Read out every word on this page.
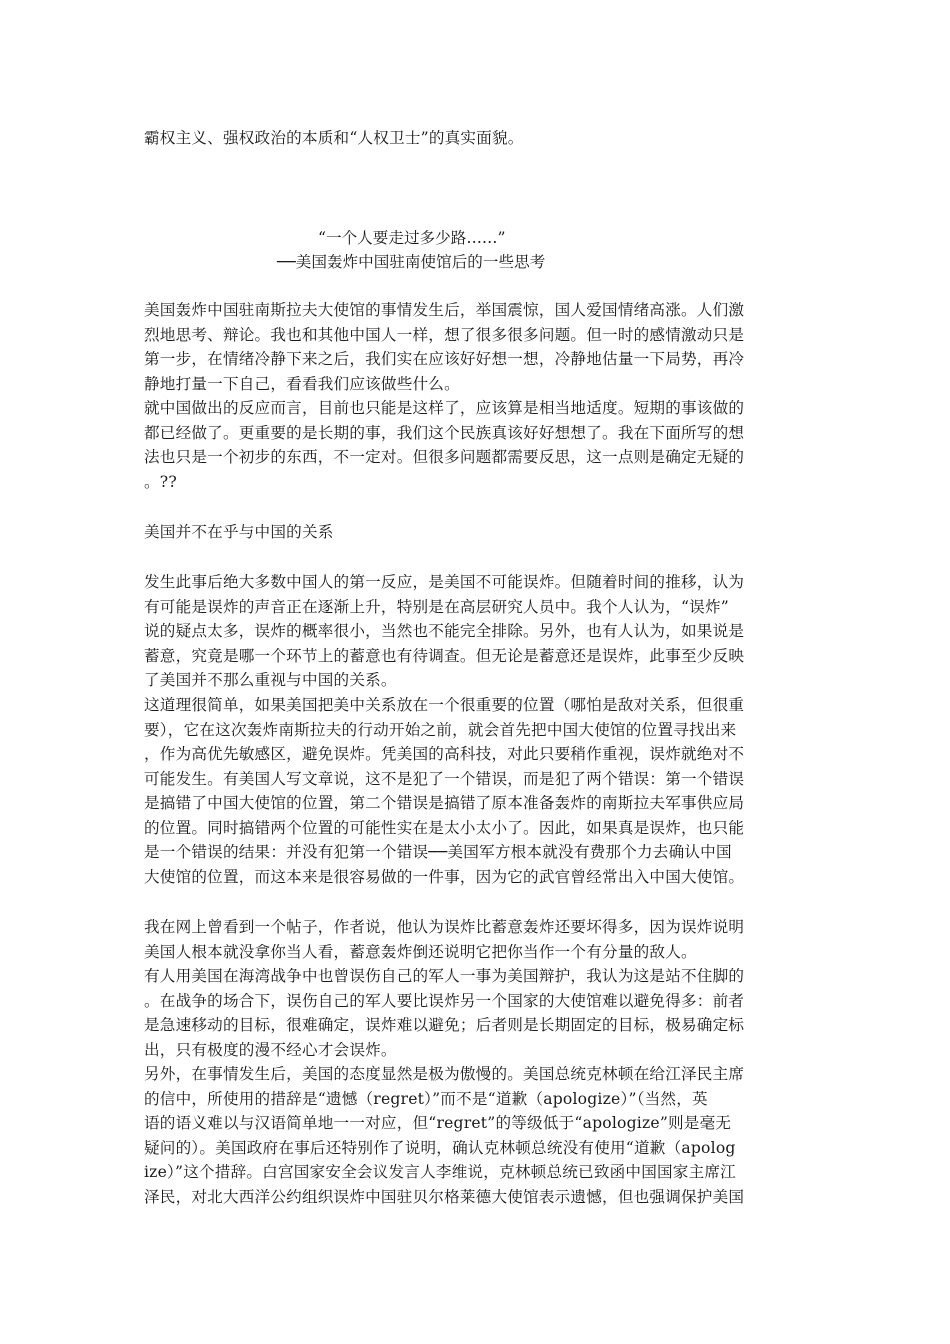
霸权主义、强权政治的本质和“人权卫士”的真实面貌。

“一个人要走过多少路……”
──美国轰炸中国驻南使馆后的一些思考

美国轰炸中国驻南斯拉夫大使馆的事情发生后，举国震惊，国人爱国情绪高涨。人们激
烈地思考、辩论。我也和其他中国人一样，想了很多很多问题。但一时的感情激动只是
第一步，在情绪冷静下来之后，我们实在应该好好想一想，冷静地估量一下局势，再冷
静地打量一下自己，看看我们应该做些什么。

就中国做出的反应而言，目前也只能是这样了，应该算是相当地适度。短期的事该做的
都已经做了。更重要的是长期的事，我们这个民族真该好好想想了。我在下面所写的想
法也只是一个初步的东西，不一定对。但很多问题都需要反思，这一点则是确定无疑的
。??

美国并不在乎与中国的关系

发生此事后绝大多数中国人的第一反应，是美国不可能误炸。但随着时间的推移，认为
有可能是误炸的声音正在逐渐上升，特别是在高层研究人员中。我个人认为，“误炸”
说的疑点太多，误炸的概率很小，当然也不能完全排除。另外，也有人认为，如果说是
蓄意，究竟是哪一个环节上的蓄意也有待调查。但无论是蓄意还是误炸，此事至少反映
了美国并不那么重视与中国的关系。

这道理很简单，如果美国把美中关系放在一个很重要的位置（哪怕是敌对关系，但很重
要），它在这次轰炸南斯拉夫的行动开始之前，就会首先把中国大使馆的位置寻找出来
，作为高优先敏感区，避免误炸。凭美国的高科技，对此只要稍作重视，误炸就绝对不
可能发生。有美国人写文章说，这不是犯了一个错误，而是犯了两个错误：第一个错误
是搞错了中国大使馆的位置，第二个错误是搞错了原本准备轰炸的南斯拉夫军事供应局
的位置。同时搞错两个位置的可能性实在是太小太小了。因此，如果真是误炸，也只能
是一个错误的结果：并没有犯第一个错误──美国军方根本就没有费那个力去确认中国
大使馆的位置，而这本来是很容易做的一件事，因为它的武官曾经常出入中国大使馆。

我在网上曾看到一个帖子，作者说，他认为误炸比蓄意轰炸还要坏得多，因为误炸说明
美国人根本就没拿你当人看，蓄意轰炸倒还说明它把你当作一个有分量的敌人。

有人用美国在海湾战争中也曾误伤自己的军人一事为美国辩护，我认为这是站不住脚的
。在战争的场合下，误伤自己的军人要比误炸另一个国家的大使馆难以避免得多：前者
是急速移动的目标，很难确定，误炸难以避免；后者则是长期固定的目标，极易确定标
出，只有极度的漫不经心才会误炸。

另外，在事情发生后，美国的态度显然是极为傲慢的。美国总统克林顿在给江泽民主席
的信中，所使用的措辞是“遗憾（regret）”而不是“道歉（apologize）”（当然，英
语的语义难以与汉语简单地一一对应，但“regret”的等级低于“apologize”则是毫无
疑问的）。美国政府在事后还特别作了说明，确认克林顿总统没有使用“道歉（apolog
ize）”这个措辞。白宫国家安全会议发言人李维说，克林顿总统已致函中国国家主席江
泽民，对北大西洋公约组织误炸中国驻贝尔格莱德大使馆表示遗憾，但也强调保护美国
